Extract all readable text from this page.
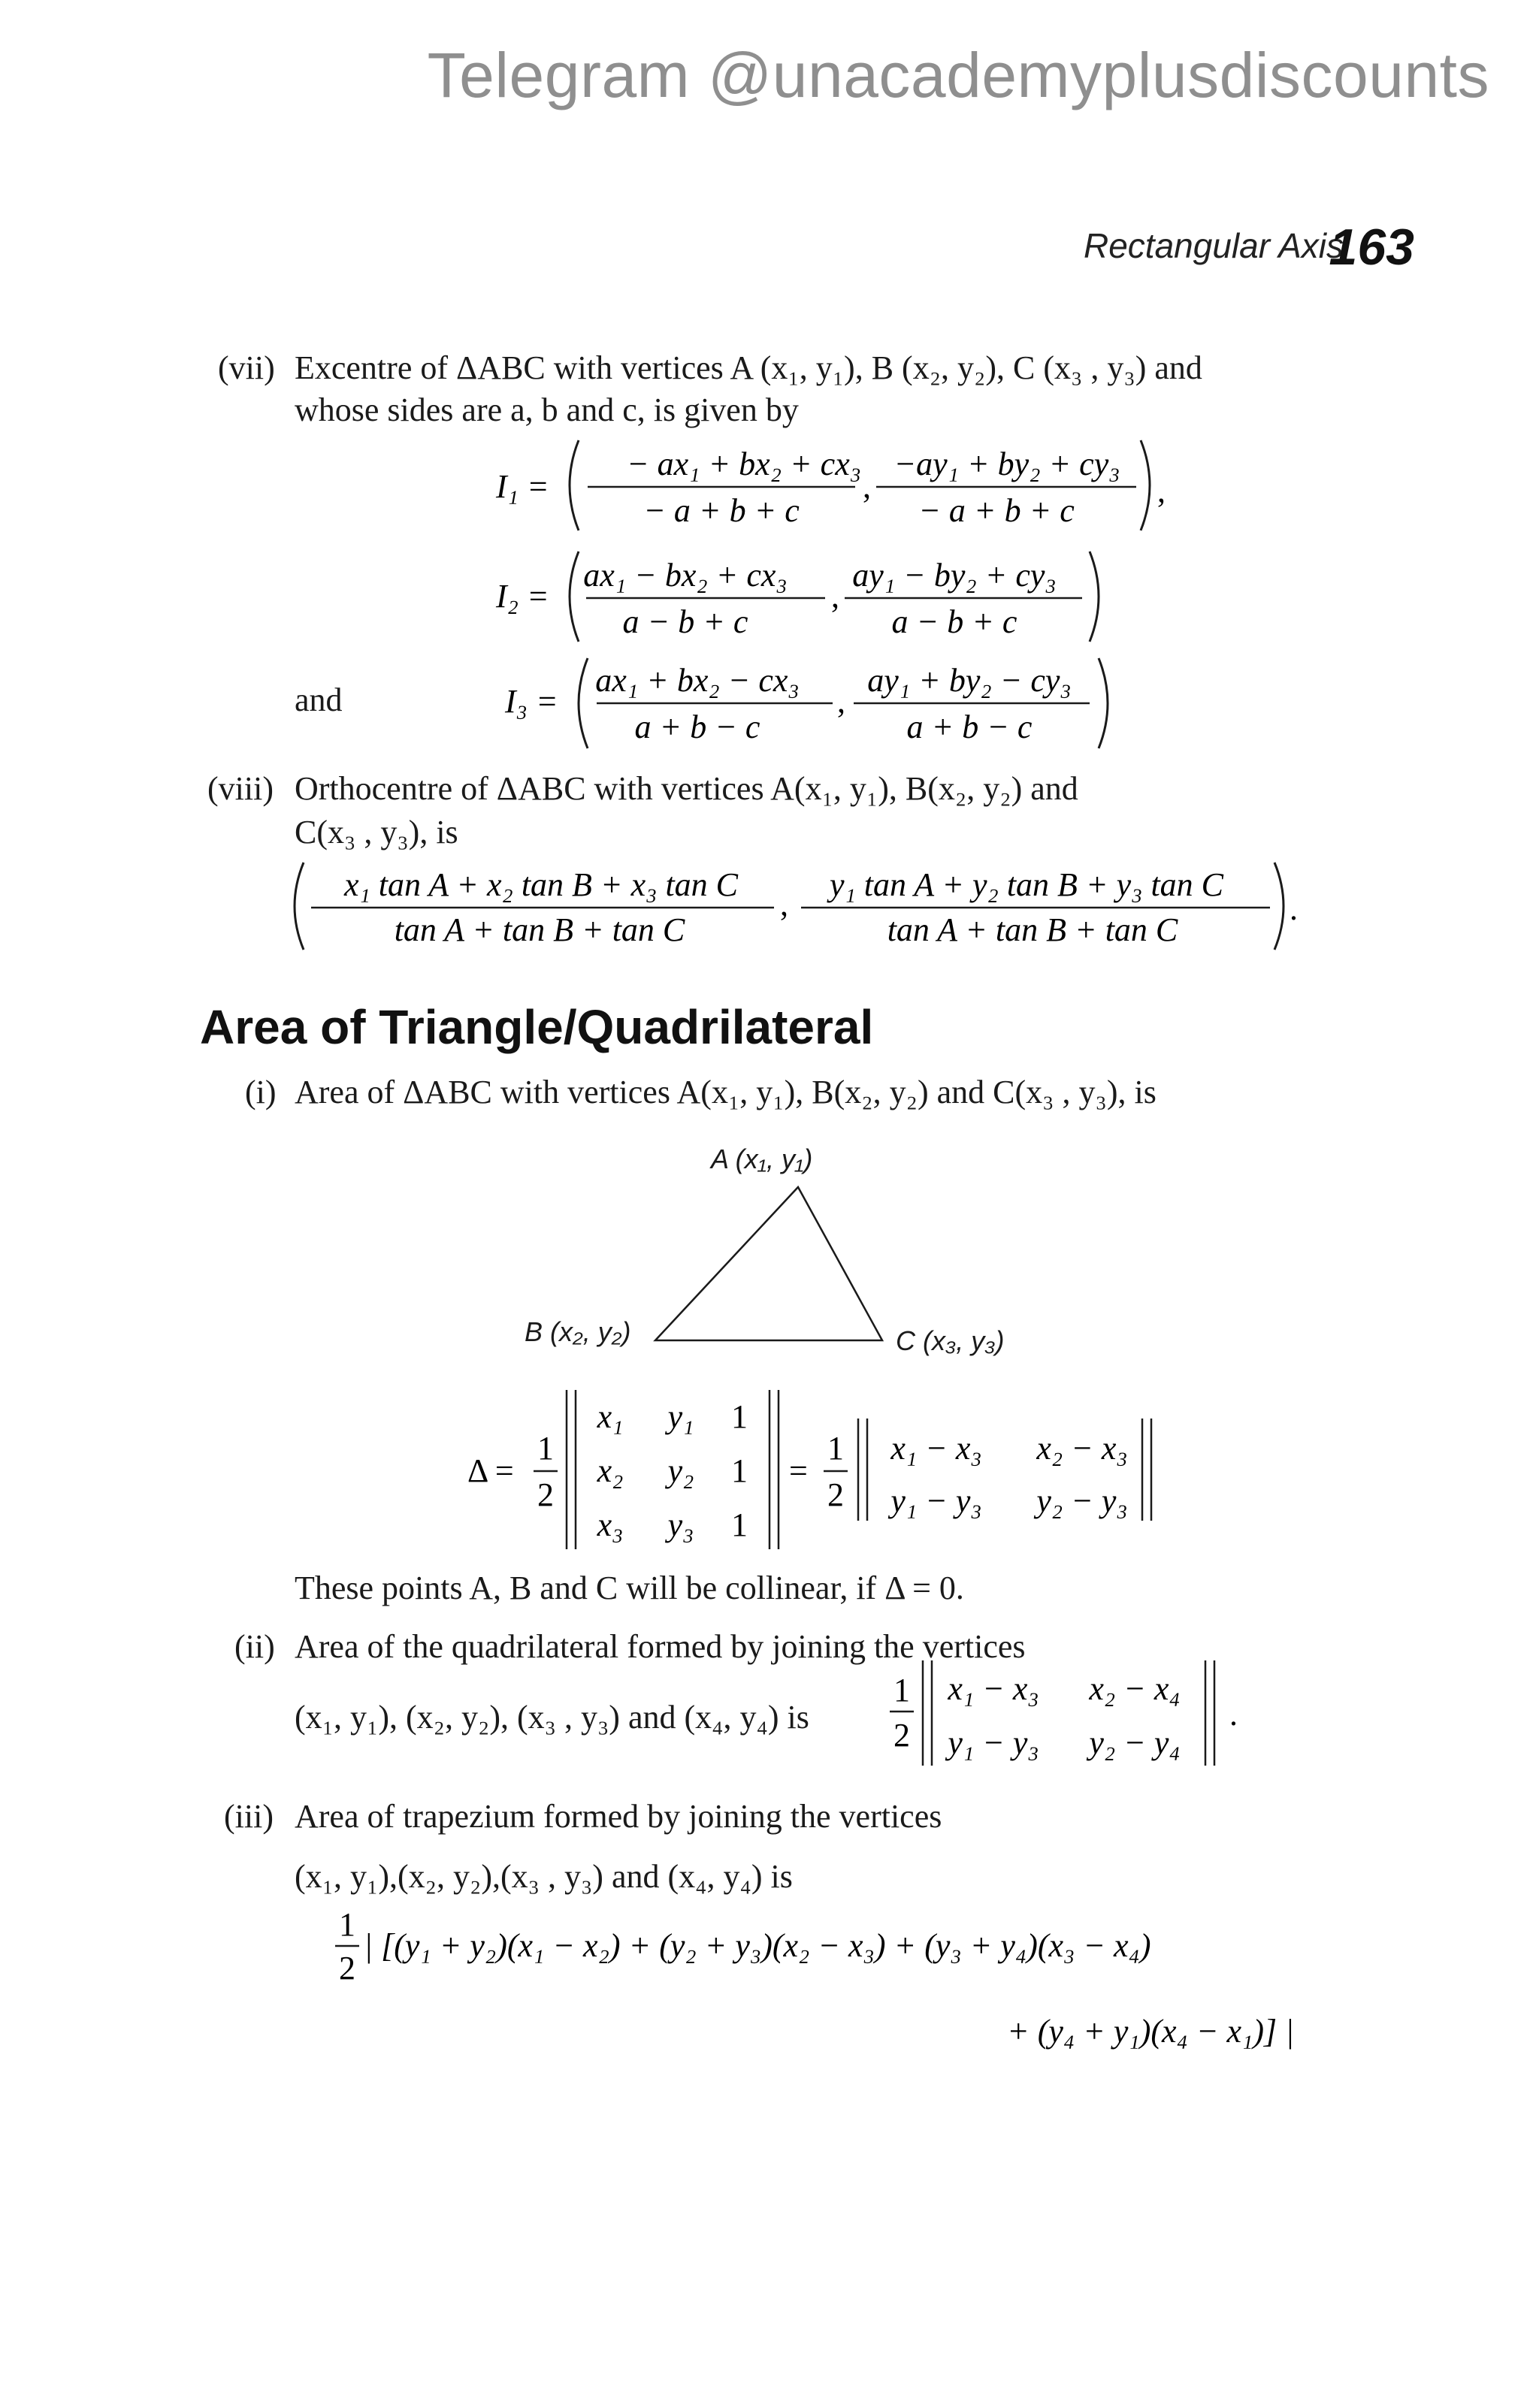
Telegram @unacademyplusdiscounts
Rectangular Axis
163
(vii) Excentre of ΔABC with vertices A (x₁, y₁), B (x₂, y₂), C (x₃ , y₃) and
whose sides are a, b and c, is given by
and
(viii) Orthocentre of ΔABC with vertices A(x₁, y₁), B(x₂, y₂) and
C(x₃ , y₃), is
Area of Triangle/Quadrilateral
(i) Area of ΔABC with vertices A(x₁, y₁), B(x₂, y₂) and C(x₃ , y₃), is
A (x₁, y₁)
B (x₂, y₂)	C (x₃, y₃)
These points A, B and C will be collinear, if Δ = 0.
(ii) Area of the quadrilateral formed by joining the vertices
(x₁, y₁), (x₂, y₂), (x₃ , y₃) and (x₄, y₄) is
(iii) Area of trapezium formed by joining the vertices
(x₁, y₁),(x₂, y₂),(x₃ , y₃) and (x₄, y₄) is
I₁ =
− ax₁ + bx₂ + cx₃
− a + b + c
,
−ay₁ + by₂ + cy₃
− a + b + c
,
I₂ =
ax₁ − bx₂ + cx₃
a − b + c
,
ay₁ − by₂ + cy₃
a − b + c
I₃ =
ax₁ + bx₂ − cx₃
a + b − c
,
ay₁ + by₂ − cy₃
a + b − c
x₁ tan A + x₂ tan B + x₃ tan C
tan A + tan B + tan C
,
y₁ tan A + y₂ tan B + y₃ tan C
tan A + tan B + tan C
.
Δ =
1
2
x₁ y₁ 1
x₂ y₂ 1
x₃ y₃ 1
=
1
2
x₁ − x₃ x₂ − x₃
y₁ − y₃ y₂ − y₃
1
2
x₁ − x₃ x₂ − x₄
y₁ − y₃ y₂ − y₄
.
1
2
| [(y₁ + y₂)(x₁ − x₂) + (y₂ + y₃)(x₂ − x₃) + (y₃ + y₄)(x₃ − x₄)
+ (y₄ + y₁)(x₄ − x₁)] |
